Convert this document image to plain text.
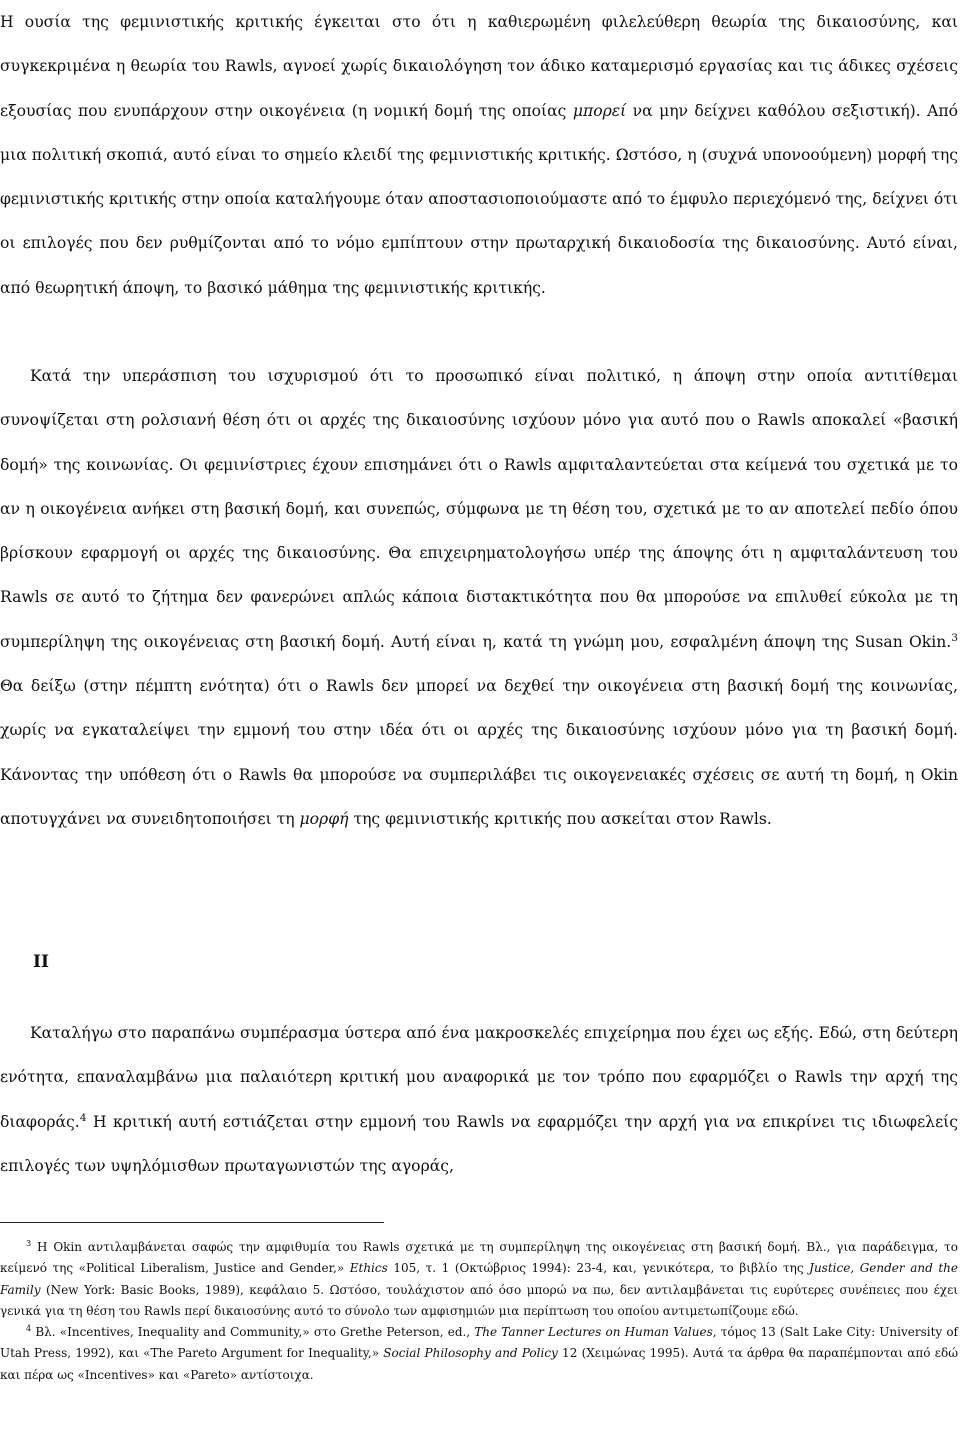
Η ουσία της φεμινιστικής κριτικής έγκειται στο ότι η καθιερωμένη φιλελεύθερη θεωρία της δικαιοσύνης, και συγκεκριμένα η θεωρία του Rawls, αγνοεί χωρίς δικαιολόγηση τον άδικο καταμερισμό εργασίας και τις άδικες σχέσεις εξουσίας που ενυπάρχουν στην οικογένεια (η νομική δομή της οποίας μπορεί να μην δείχνει καθόλου σεξιστική). Από μια πολιτική σκοπιά, αυτό είναι το σημείο κλειδί της φεμινιστικής κριτικής. Ωστόσο, η (συχνά υπονοούμενη) μορφή της φεμινιστικής κριτικής στην οποία καταλήγουμε όταν αποστασιοποιούμαστε από το έμφυλο περιεχόμενό της, δείχνει ότι οι επιλογές που δεν ρυθμίζονται από το νόμο εμπίπτουν στην πρωταρχική δικαιοδοσία της δικαιοσύνης. Αυτό είναι, από θεωρητική άποψη, το βασικό μάθημα της φεμινιστικής κριτικής.

Κατά την υπεράσπιση του ισχυρισμού ότι το προσωπικό είναι πολιτικό, η άποψη στην οποία αντιτίθεμαι συνοψίζεται στη ρολσιανή θέση ότι οι αρχές της δικαιοσύνης ισχύουν μόνο για αυτό που ο Rawls αποκαλεί «βασική δομή» της κοινωνίας. Οι φεμινίστριες έχουν επισημάνει ότι ο Rawls αμφιταλαντεύεται στα κείμενά του σχετικά με το αν η οικογένεια ανήκει στη βασική δομή, και συνεπώς, σύμφωνα με τη θέση του, σχετικά με το αν αποτελεί πεδίο όπου βρίσκουν εφαρμογή οι αρχές της δικαιοσύνης. Θα επιχειρηματολογήσω υπέρ της άποψης ότι η αμφιταλάντευση του Rawls σε αυτό το ζήτημα δεν φανερώνει απλώς κάποια διστακτικότητα που θα μπορούσε να επιλυθεί εύκολα με τη συμπερίληψη της οικογένειας στη βασική δομή. Αυτή είναι η, κατά τη γνώμη μου, εσφαλμένη άποψη της Susan Okin.$^3$ Θα δείξω (στην πέμπτη ενότητα) ότι ο Rawls δεν μπορεί να δεχθεί την οικογένεια στη βασική δομή της κοινωνίας, χωρίς να εγκαταλείψει την εμμονή του στην ιδέα ότι οι αρχές της δικαιοσύνης ισχύουν μόνο για τη βασική δομή. Κάνοντας την υπόθεση ότι ο Rawls θα μπορούσε να συμπεριλάβει τις οικογενειακές σχέσεις σε αυτή τη δομή, η Okin αποτυγχάνει να συνειδητοποιήσει τη μορφή της φεμινιστικής κριτικής που ασκείται στον Rawls.

II

Καταλήγω στο παραπάνω συμπέρασμα ύστερα από ένα μακροσκελές επιχείρημα που έχει ως εξής. Εδώ, στη δεύτερη ενότητα, επαναλαμβάνω μια παλαιότερη κριτική μου αναφορικά με τον τρόπο που εφαρμόζει ο Rawls την αρχή της διαφοράς.$^4$ Η κριτική αυτή εστιάζεται στην εμμονή του Rawls να εφαρμόζει την αρχή για να επικρίνει τις ιδιωφελείς επιλογές των υψηλόμισθων πρωταγωνιστών της αγοράς,

$^3$ Η Okin αντιλαμβάνεται σαφώς την αμφιθυμία του Rawls σχετικά με τη συμπερίληψη της οικογένειας στη βασική δομή. Βλ., για παράδειγμα, το κείμενό της «Political Liberalism, Justice and Gender,» Ethics 105, τ. 1 (Οκτώβριος 1994): 23-4, και, γενικότερα, το βιβλίο της Justice, Gender and the Family (New York: Basic Books, 1989), κεφάλαιο 5. Ωστόσο, τουλάχιστον από όσο μπορώ να πω, δεν αντιλαμβάνεται τις ευρύτερες συνέπειες που έχει γενικά για τη θέση του Rawls περί δικαιοσύνης αυτό το σύνολο των αμφισημιών μια περίπτωση του οποίου αντιμετωπίζουμε εδώ.

$^4$ Βλ. «Incentives, Inequality and Community,» στο Grethe Peterson, ed., The Tanner Lectures on Human Values, τόμος 13 (Salt Lake City: University of Utah Press, 1992), και «The Pareto Argument for Inequality,» Social Philosophy and Policy 12 (Χειμώνας 1995). Αυτά τα άρθρα θα παραπέμπονται από εδώ και πέρα ως «Incentives» και «Pareto» αντίστοιχα.
